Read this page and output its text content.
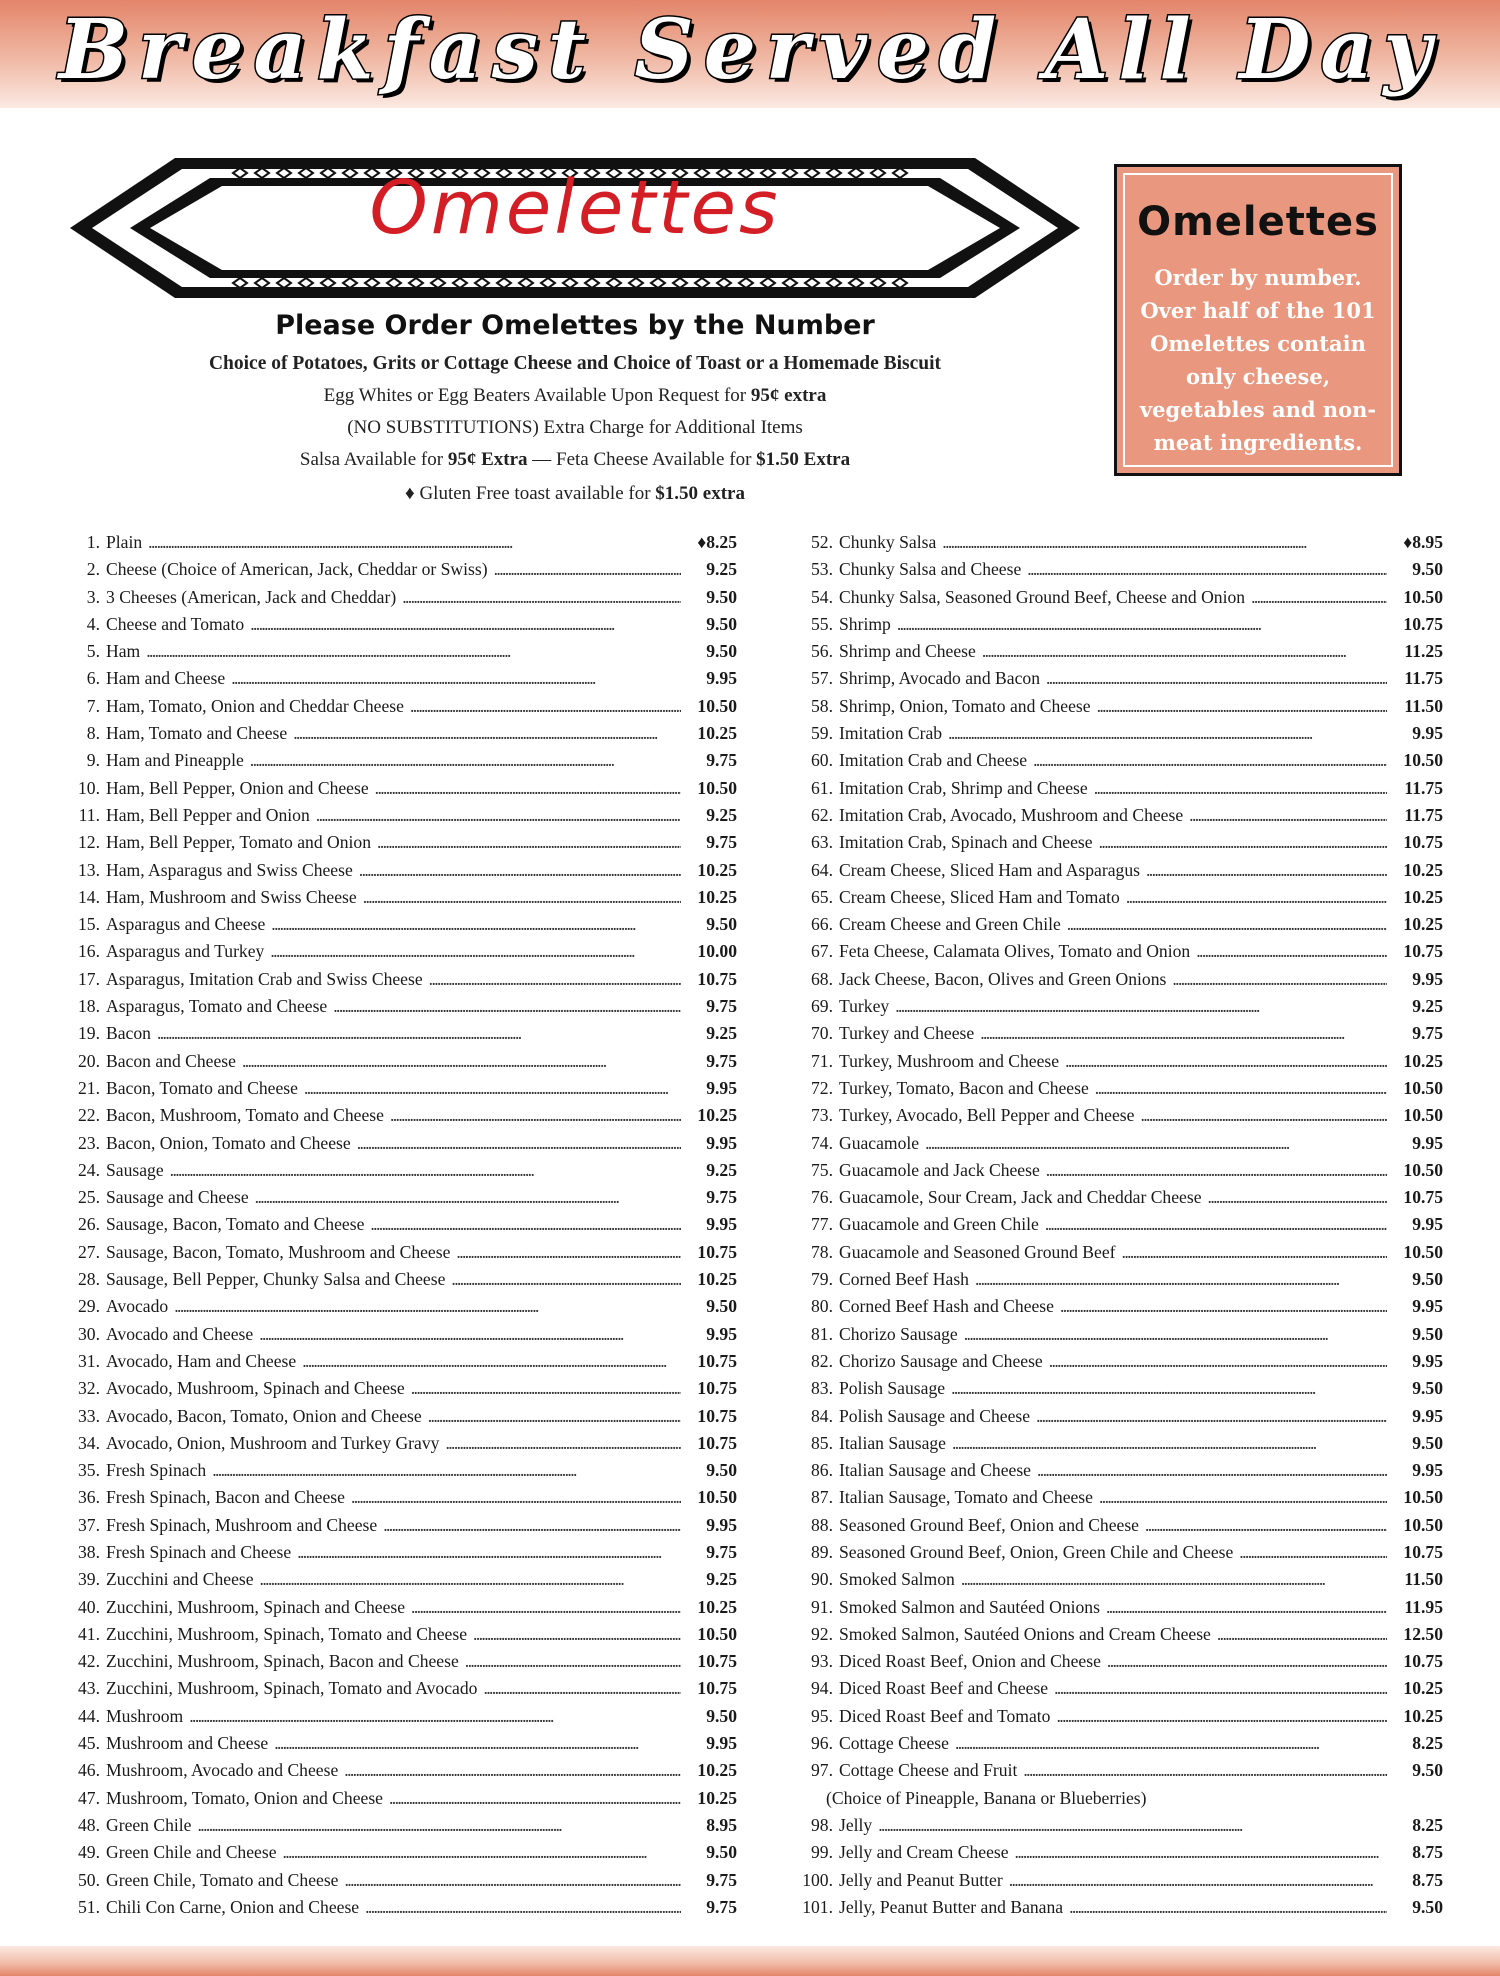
Breakfast Served All Day
Omelettes
Please Order Omelettes by the Number
Choice of Potatoes, Grits or Cottage Cheese and Choice of Toast or a Homemade Biscuit
Egg Whites or Egg Beaters Available Upon Request for 95¢ extra
(NO SUBSTITUTIONS) Extra Charge for Additional Items
Salsa Available for 95¢ Extra — Feta Cheese Available for $1.50 Extra
♦ Gluten Free toast available for $1.50 extra
Omelettes
Order by number. Over half of the 101 Omelettes contain only cheese, vegetables and non-meat ingredients.
1. Plain . . .	♦8.25
2. Cheese (Choice of American, Jack, Cheddar or Swiss) . . .	9.25
3. 3 Cheeses (American, Jack and Cheddar) . . .	9.50
4. Cheese and Tomato . . .	9.50
5. Ham . . .	9.50
6. Ham and Cheese . . .	9.95
7. Ham, Tomato, Onion and Cheddar Cheese . . .	10.50
8. Ham, Tomato and Cheese . . .	10.25
9. Ham and Pineapple . . .	9.75
10. Ham, Bell Pepper, Onion and Cheese . . .	10.50
11. Ham, Bell Pepper and Onion . . .	9.25
12. Ham, Bell Pepper, Tomato and Onion . . .	9.75
13. Ham, Asparagus and Swiss Cheese . . .	10.25
14. Ham, Mushroom and Swiss Cheese . . .	10.25
15. Asparagus and Cheese . . .	9.50
16. Asparagus and Turkey . . .	10.00
17. Asparagus, Imitation Crab and Swiss Cheese . . .	10.75
18. Asparagus, Tomato and Cheese . . .	9.75
19. Bacon . . .	9.25
20. Bacon and Cheese . . .	9.75
21. Bacon, Tomato and Cheese . . .	9.95
22. Bacon, Mushroom, Tomato and Cheese . . .	10.25
23. Bacon, Onion, Tomato and Cheese . . .	9.95
24. Sausage . . .	9.25
25. Sausage and Cheese . . .	9.75
26. Sausage, Bacon, Tomato and Cheese . . .	9.95
27. Sausage, Bacon, Tomato, Mushroom and Cheese . . .	10.75
28. Sausage, Bell Pepper, Chunky Salsa and Cheese . . .	10.25
29. Avocado . . .	9.50
30. Avocado and Cheese . . .	9.95
31. Avocado, Ham and Cheese . . .	10.75
32. Avocado, Mushroom, Spinach and Cheese . . .	10.75
33. Avocado, Bacon, Tomato, Onion and Cheese . . .	10.75
34. Avocado, Onion, Mushroom and Turkey Gravy . . .	10.75
35. Fresh Spinach . . .	9.50
36. Fresh Spinach, Bacon and Cheese . . .	10.50
37. Fresh Spinach, Mushroom and Cheese . . .	9.95
38. Fresh Spinach and Cheese . . .	9.75
39. Zucchini and Cheese . . .	9.25
40. Zucchini, Mushroom, Spinach and Cheese . . .	10.25
41. Zucchini, Mushroom, Spinach, Tomato and Cheese . . .	10.50
42. Zucchini, Mushroom, Spinach, Bacon and Cheese . . .	10.75
43. Zucchini, Mushroom, Spinach, Tomato and Avocado . . .	10.75
44. Mushroom . . .	9.50
45. Mushroom and Cheese . . .	9.95
46. Mushroom, Avocado and Cheese . . .	10.25
47. Mushroom, Tomato, Onion and Cheese . . .	10.25
48. Green Chile . . .	8.95
49. Green Chile and Cheese . . .	9.50
50. Green Chile, Tomato and Cheese . . .	9.75
51. Chili Con Carne, Onion and Cheese . . .	9.75
52. Chunky Salsa . . .	♦8.95
53. Chunky Salsa and Cheese . . .	9.50
54. Chunky Salsa, Seasoned Ground Beef, Cheese and Onion . . .	10.50
55. Shrimp . . .	10.75
56. Shrimp and Cheese . . .	11.25
57. Shrimp, Avocado and Bacon . . .	11.75
58. Shrimp, Onion, Tomato and Cheese . . .	11.50
59. Imitation Crab . . .	9.95
60. Imitation Crab and Cheese . . .	10.50
61. Imitation Crab, Shrimp and Cheese . . .	11.75
62. Imitation Crab, Avocado, Mushroom and Cheese . . .	11.75
63. Imitation Crab, Spinach and Cheese . . .	10.75
64. Cream Cheese, Sliced Ham and Asparagus . . .	10.25
65. Cream Cheese, Sliced Ham and Tomato . . .	10.25
66. Cream Cheese and Green Chile . . .	10.25
67. Feta Cheese, Calamata Olives, Tomato and Onion . . .	10.75
68. Jack Cheese, Bacon, Olives and Green Onions . . .	9.95
69. Turkey . . .	9.25
70. Turkey and Cheese . . .	9.75
71. Turkey, Mushroom and Cheese . . .	10.25
72. Turkey, Tomato, Bacon and Cheese . . .	10.50
73. Turkey, Avocado, Bell Pepper and Cheese . . .	10.50
74. Guacamole . . .	9.95
75. Guacamole and Jack Cheese . . .	10.50
76. Guacamole, Sour Cream, Jack and Cheddar Cheese . . .	10.75
77. Guacamole and Green Chile . . .	9.95
78. Guacamole and Seasoned Ground Beef . . .	10.50
79. Corned Beef Hash . . .	9.50
80. Corned Beef Hash and Cheese . . .	9.95
81. Chorizo Sausage . . .	9.50
82. Chorizo Sausage and Cheese . . .	9.95
83. Polish Sausage . . .	9.50
84. Polish Sausage and Cheese . . .	9.95
85. Italian Sausage . . .	9.50
86. Italian Sausage and Cheese . . .	9.95
87. Italian Sausage, Tomato and Cheese . . .	10.50
88. Seasoned Ground Beef, Onion and Cheese . . .	10.50
89. Seasoned Ground Beef, Onion, Green Chile and Cheese . . .	10.75
90. Smoked Salmon . . .	11.50
91. Smoked Salmon and Sautéed Onions . . .	11.95
92. Smoked Salmon, Sautéed Onions and Cream Cheese . . .	12.50
93. Diced Roast Beef, Onion and Cheese . . .	10.75
94. Diced Roast Beef and Cheese . . .	10.25
95. Diced Roast Beef and Tomato . . .	10.25
96. Cottage Cheese . . .	8.25
97. Cottage Cheese and Fruit . . .	9.50
(Choice of Pineapple, Banana or Blueberries)
98. Jelly . . .	8.25
99. Jelly and Cream Cheese . . .	8.75
100. Jelly and Peanut Butter . . .	8.75
101. Jelly, Peanut Butter and Banana . . .	9.50
